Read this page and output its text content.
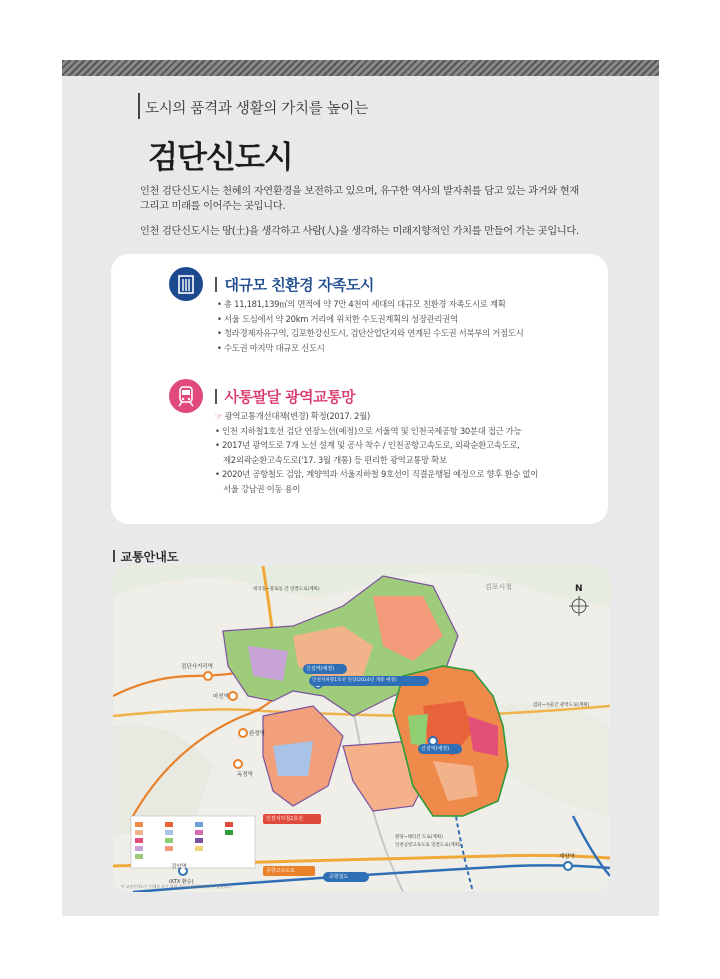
도시의 품격과 생활의 가치를 높이는
검단신도시
인천 검단신도시는 천혜의 자연환경을 보전하고 있으며, 유구한 역사의 발자취를 담고 있는 과거와 현재
그리고 미래를 이어주는 곳입니다.
인천 검단신도시는 땅(土)을 생각하고 사람(人)을 생각하는 미래지향적인 가치를 만들어 가는 곳입니다.
대규모 친환경 자족도시
• 총 11,181,139㎡의 면적에 약 7만 4천여 세대의 대규모 친환경 자족도시로 계획
• 서울 도심에서 약 20km 거리에 위치한 수도권계획의 성장관리권역
• 청라경제자유구역, 김포한강신도시, 검단산업단지와 연계된 수도권 서북부의 거점도시
• 수도권 마지막 대규모 신도시
사통팔달 광역교통망
☞ 광역교통개선대책(변경) 확정(2017. 2월)
• 인천 지하철1호선 검단 연장노선(예정)으로 서울역 및 인천국제공항 30분대 접근 가능
• 2017년 광역도로 7개 노선 설계 및 공사 착수 / 인천공항고속도로, 외곽순환고속도로,
제2외곽순환고속도로('17. 3월 개통) 등 편리한 광역교통망 확보
• 2020년 공항철도 검암, 계양역과 서울지하철 9호선이 직결운행될 예정으로 향후 환승 없이
서울 강남권 이동 용이
교통안내도
N
김포시청
대곡동~불로동 간 연결도로(계획)
신설역(예정)
인천지하철1호선 연장(2024년 개통 예정)
신설역(예정)
검단사거리역
마전역
완정역
독정역
검단~서울간 광역도로(계획)
인천지하철2호선
원당~태리간 도로(계획)
인천공항고속도로 연결도로(계획)
공항고속도로
공항철도
검암역
(KTX 환승)
계양역
이 교통안내도는 이해를 돕기 위한 것으로 실제와 다를 수 있습니다.
